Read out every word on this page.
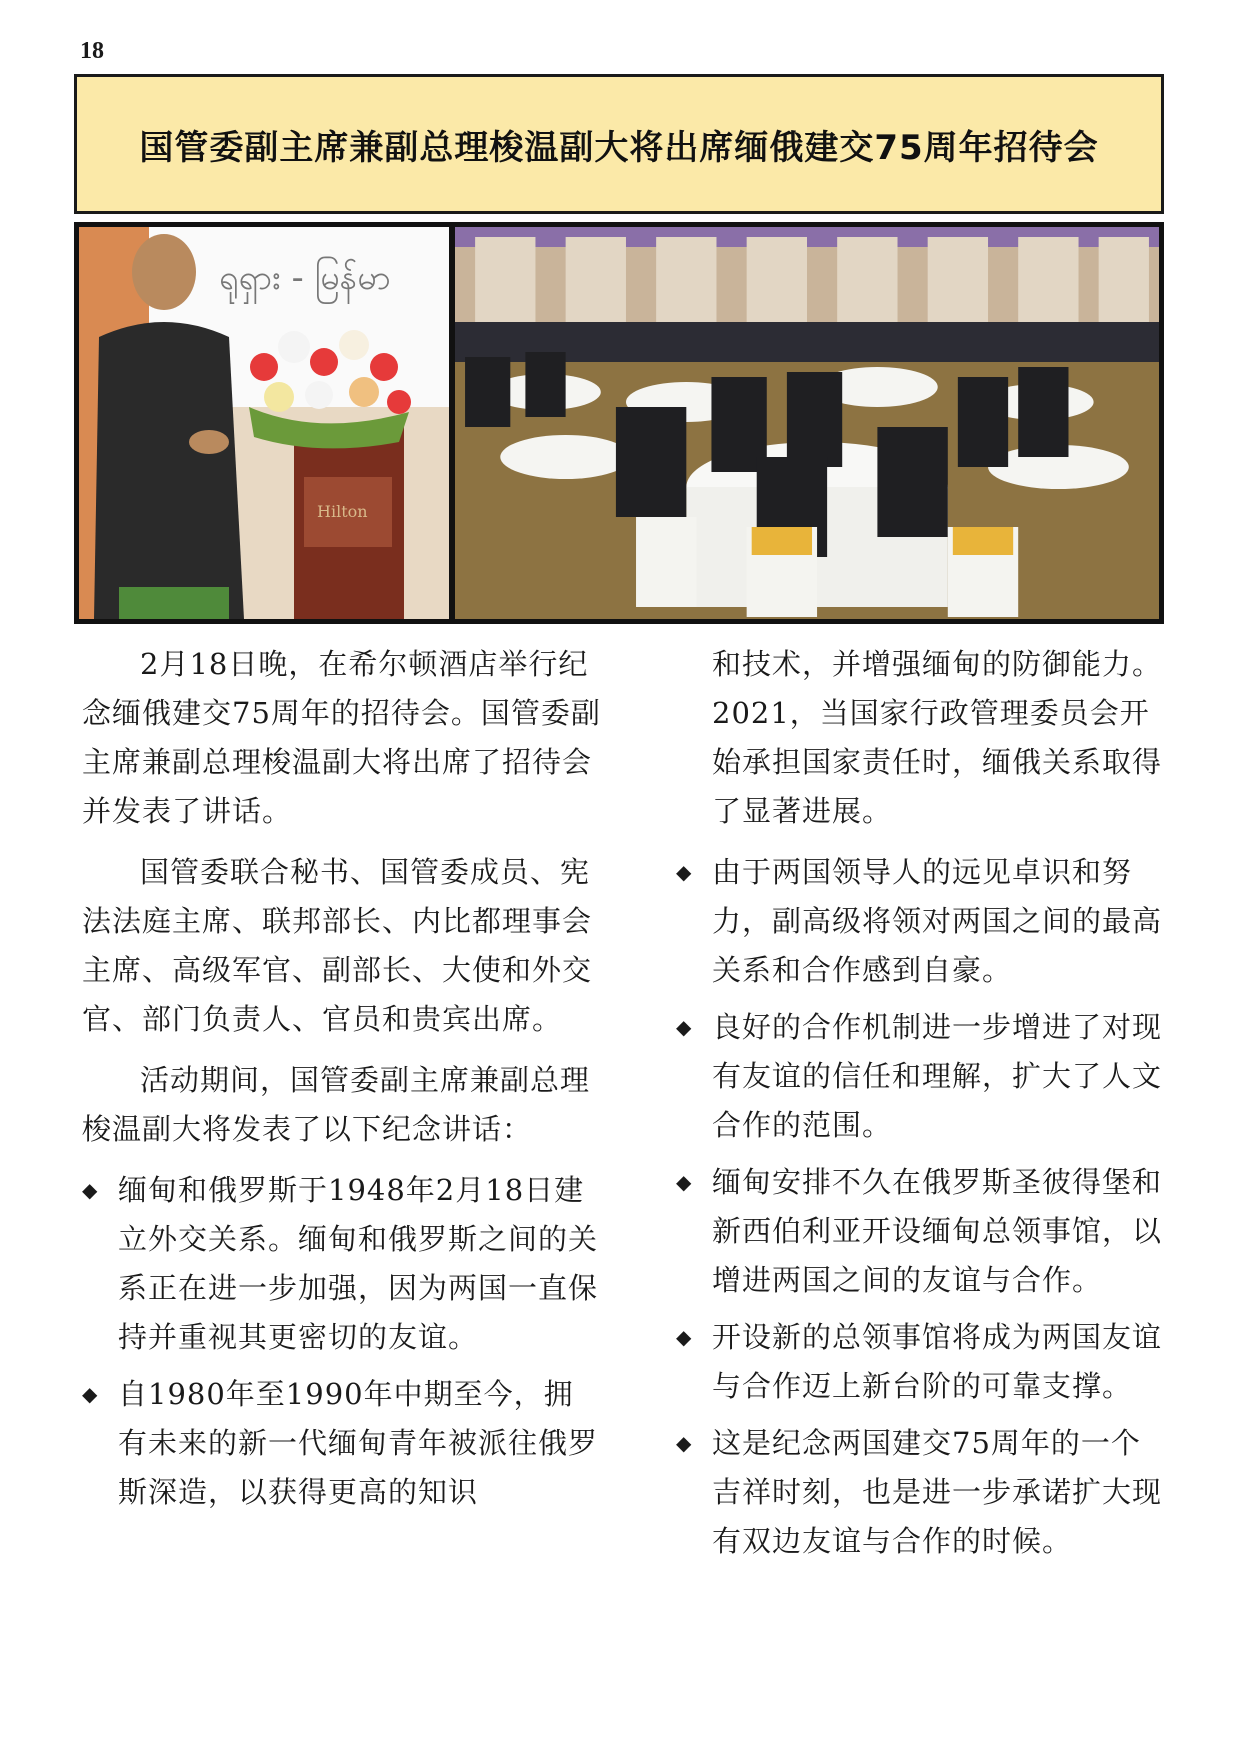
18
国管委副主席兼副总理梭温副大将出席缅俄建交75周年招待会
ရုရှား - မြန်မာ
Hilton

2月18日晚，在希尔顿酒店举行纪念缅俄建交75周年的招待会。国管委副主席兼副总理梭温副大将出席了招待会并发表了讲话。

国管委联合秘书、国管委成员、宪法法庭主席、联邦部长、内比都理事会主席、高级军官、副部长、大使和外交官、部门负责人、官员和贵宾出席。

活动期间，国管委副主席兼副总理梭温副大将发表了以下纪念讲话：

◆ 缅甸和俄罗斯于1948年2月18日建立外交关系。缅甸和俄罗斯之间的关系正在进一步加强，因为两国一直保持并重视其更密切的友谊。
◆ 自1980年至1990年中期至今，拥有未来的新一代缅甸青年被派往俄罗斯深造，以获得更高的知识

和技术，并增强缅甸的防御能力。2021，当国家行政管理委员会开始承担国家责任时，缅俄关系取得了显著进展。

◆ 由于两国领导人的远见卓识和努力，副高级将领对两国之间的最高关系和合作感到自豪。
◆ 良好的合作机制进一步增进了对现有友谊的信任和理解，扩大了人文合作的范围。
◆ 缅甸安排不久在俄罗斯圣彼得堡和新西伯利亚开设缅甸总领事馆，以增进两国之间的友谊与合作。
◆ 开设新的总领事馆将成为两国友谊与合作迈上新台阶的可靠支撑。
◆ 这是纪念两国建交75周年的一个吉祥时刻，也是进一步承诺扩大现有双边友谊与合作的时候。
